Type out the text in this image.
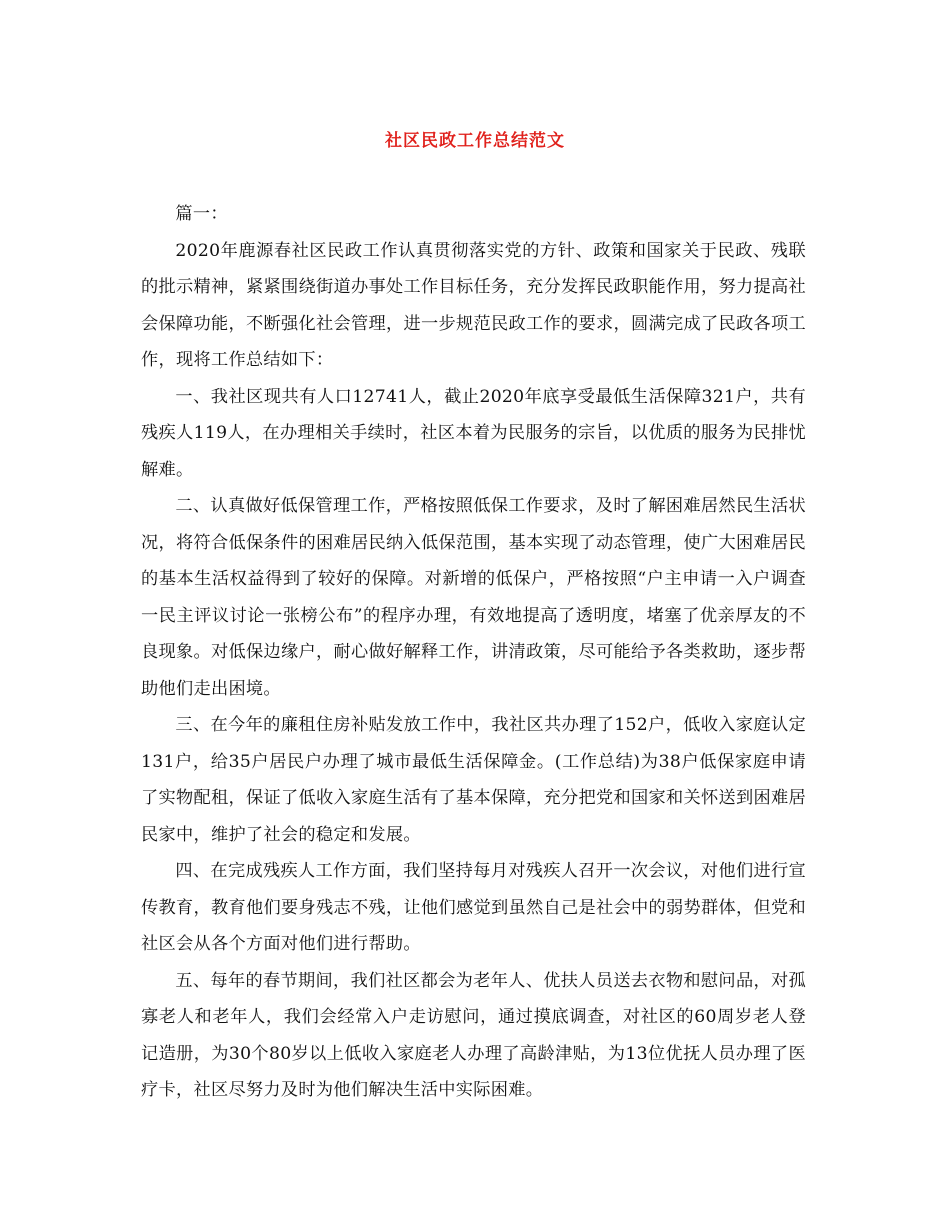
社区民政工作总结范文

篇一：

2020年鹿源春社区民政工作认真贯彻落实党的方针、政策和国家关于民政、残联的批示精神，紧紧围绕街道办事处工作目标任务，充分发挥民政职能作用，努力提高社会保障功能，不断强化社会管理，进一步规范民政工作的要求，圆满完成了民政各项工作，现将工作总结如下：

一、我社区现共有人口12741人，截止2020年底享受最低生活保障321户，共有残疾人119人，在办理相关手续时，社区本着为民服务的宗旨，以优质的服务为民排忧解难。

二、认真做好低保管理工作，严格按照低保工作要求，及时了解困难居然民生活状况，将符合低保条件的困难居民纳入低保范围，基本实现了动态管理，使广大困难居民的基本生活权益得到了较好的保障。对新增的低保户，严格按照“户主申请一入户调查一民主评议讨论一张榜公布”的程序办理，有效地提高了透明度，堵塞了优亲厚友的不良现象。对低保边缘户，耐心做好解释工作，讲清政策，尽可能给予各类救助，逐步帮助他们走出困境。

三、在今年的廉租住房补贴发放工作中，我社区共办理了152户，低收入家庭认定131户，给35户居民户办理了城市最低生活保障金。(工作总结)为38户低保家庭申请了实物配租，保证了低收入家庭生活有了基本保障，充分把党和国家和关怀送到困难居民家中，维护了社会的稳定和发展。

四、在完成残疾人工作方面，我们坚持每月对残疾人召开一次会议，对他们进行宣传教育，教育他们要身残志不残，让他们感觉到虽然自己是社会中的弱势群体，但党和社区会从各个方面对他们进行帮助。

五、每年的春节期间，我们社区都会为老年人、优扶人员送去衣物和慰问品，对孤寡老人和老年人，我们会经常入户走访慰问，通过摸底调查，对社区的60周岁老人登记造册，为30个80岁以上低收入家庭老人办理了高龄津贴，为13位优抚人员办理了医疗卡，社区尽努力及时为他们解决生活中实际困难。
